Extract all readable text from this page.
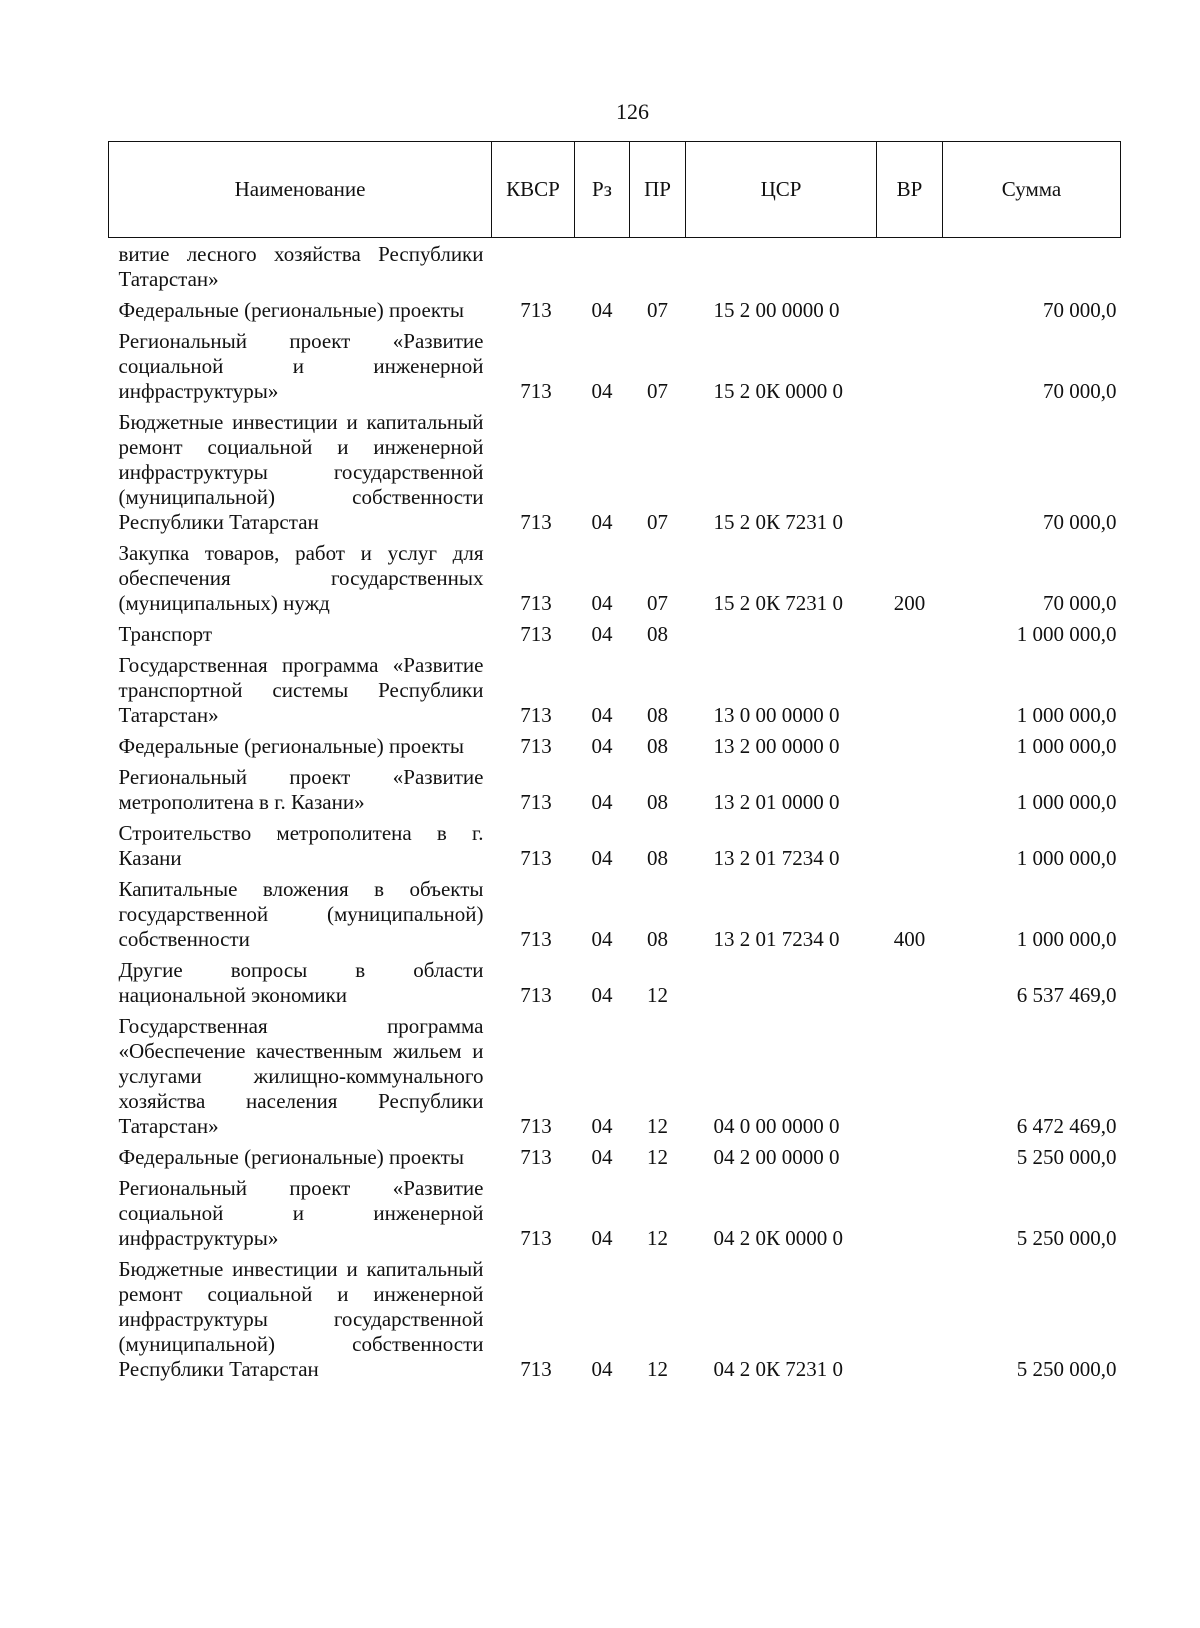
126
Наименование	КВСР	Рз	ПР	ЦСР	ВР	Сумма
витие лесного хозяйства Республики Татарстан»						
Федеральные (региональные) проекты	713	04	07	15 2 00 0000 0		70 000,0
Региональный проект «Развитие социальной и инженерной инфраструктуры»	713	04	07	15 2 0К 0000 0		70 000,0
Бюджетные инвестиции и капитальный ремонт социальной и инженерной инфраструктуры государственной (муниципальной) собственности Республики Татарстан	713	04	07	15 2 0К 7231 0		70 000,0
Закупка товаров, работ и услуг для обеспечения государственных (муниципальных) нужд	713	04	07	15 2 0К 7231 0	200	70 000,0
Транспорт	713	04	08			1 000 000,0
Государственная программа «Развитие транспортной системы Республики Татарстан»	713	04	08	13 0 00 0000 0		1 000 000,0
Федеральные (региональные) проекты	713	04	08	13 2 00 0000 0		1 000 000,0
Региональный проект «Развитие метрополитена в г. Казани»	713	04	08	13 2 01 0000 0		1 000 000,0
Строительство метрополитена в г. Казани	713	04	08	13 2 01 7234 0		1 000 000,0
Капитальные вложения в объекты государственной (муниципальной) собственности	713	04	08	13 2 01 7234 0	400	1 000 000,0
Другие вопросы в области национальной экономики	713	04	12			6 537 469,0
Государственная программа «Обеспечение качественным жильем и услугами жилищно-коммунального хозяйства населения Республики Татарстан»	713	04	12	04 0 00 0000 0		6 472 469,0
Федеральные (региональные) проекты	713	04	12	04 2 00 0000 0		5 250 000,0
Региональный проект «Развитие социальной и инженерной инфраструктуры»	713	04	12	04 2 0К 0000 0		5 250 000,0
Бюджетные инвестиции и капитальный ремонт социальной и инженерной инфраструктуры государственной (муниципальной) собственности Республики Татарстан	713	04	12	04 2 0К 7231 0		5 250 000,0
